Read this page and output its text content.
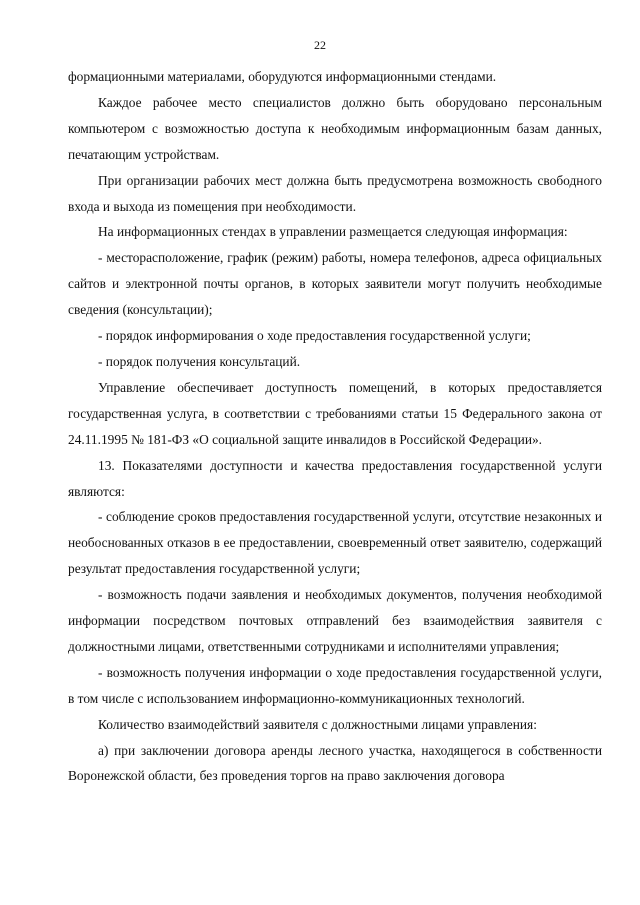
22

формационными материалами, оборудуются информационными стендами.

Каждое рабочее место специалистов должно быть оборудовано персональным компьютером с возможностью доступа к необходимым информационным базам данных, печатающим устройствам.

При организации рабочих мест должна быть предусмотрена возможность свободного входа и выхода из помещения при необходимости.

На информационных стендах в управлении размещается следующая информация:

- месторасположение, график (режим) работы, номера телефонов, адреса официальных сайтов и электронной почты органов, в которых заявители могут получить необходимые сведения (консультации);

- порядок информирования о ходе предоставления государственной услуги;

- порядок получения консультаций.

Управление обеспечивает доступность помещений, в которых предоставляется государственная услуга, в соответствии с требованиями статьи 15 Федерального закона от 24.11.1995 № 181-ФЗ «О социальной защите инвалидов в Российской Федерации».

13. Показателями доступности и качества предоставления государственной услуги являются:

- соблюдение сроков предоставления государственной услуги, отсутствие незаконных и необоснованных отказов в ее предоставлении, своевременный ответ заявителю, содержащий результат предоставления государственной услуги;

- возможность подачи заявления и необходимых документов, получения необходимой информации посредством почтовых отправлений без взаимодействия заявителя с должностными лицами, ответственными сотрудниками и исполнителями управления;

- возможность получения информации о ходе предоставления государственной услуги, в том числе с использованием информационно-коммуникационных технологий.

Количество взаимодействий заявителя с должностными лицами управления:

а) при заключении договора аренды лесного участка, находящегося в собственности Воронежской области, без проведения торгов на право заключения договора
